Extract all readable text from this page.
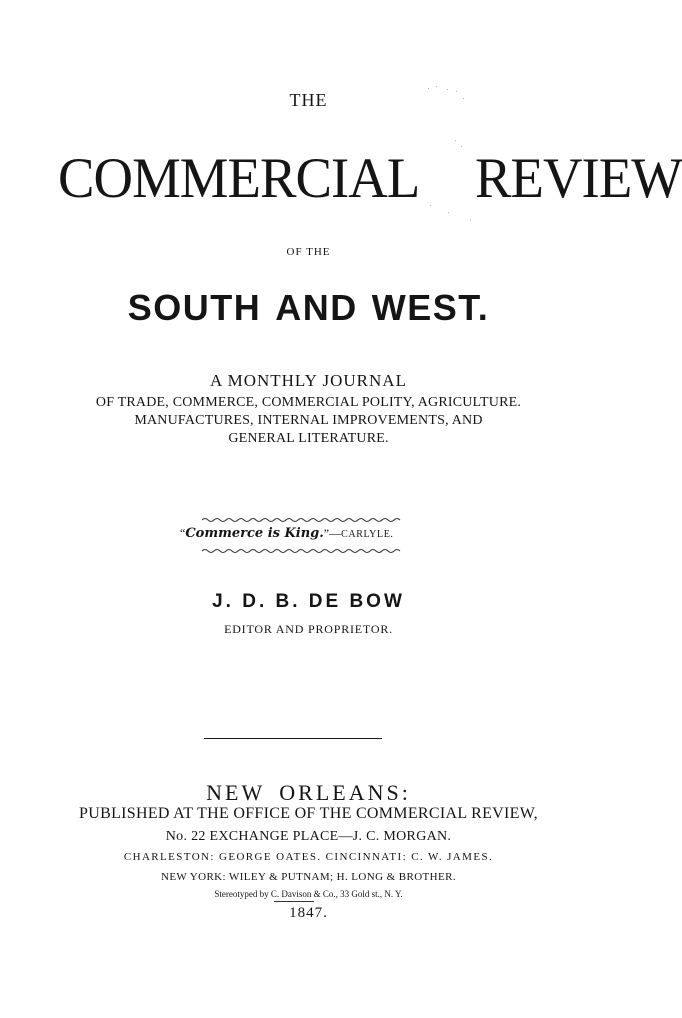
THE
COMMERCIAL REVIEW
OF THE
SOUTH AND WEST.
A MONTHLY JOURNAL
OF TRADE, COMMERCE, COMMERCIAL POLITY, AGRICULTURE.
MANUFACTURES, INTERNAL IMPROVEMENTS, AND
GENERAL LITERATURE.
“Commerce is King.”—CARLYLE.
J. D. B. DE BOW
EDITOR AND PROPRIETOR.
NEW ORLEANS:
PUBLISHED AT THE OFFICE OF THE COMMERCIAL REVIEW,
No. 22 EXCHANGE PLACE—J. C. MORGAN.
CHARLESTON: GEORGE OATES. CINCINNATI: C. W. JAMES.
NEW YORK: WILEY & PUTNAM; H. LONG & BROTHER.
Stereotyped by C. Davison & Co., 33 Gold st., N. Y.
1847.
